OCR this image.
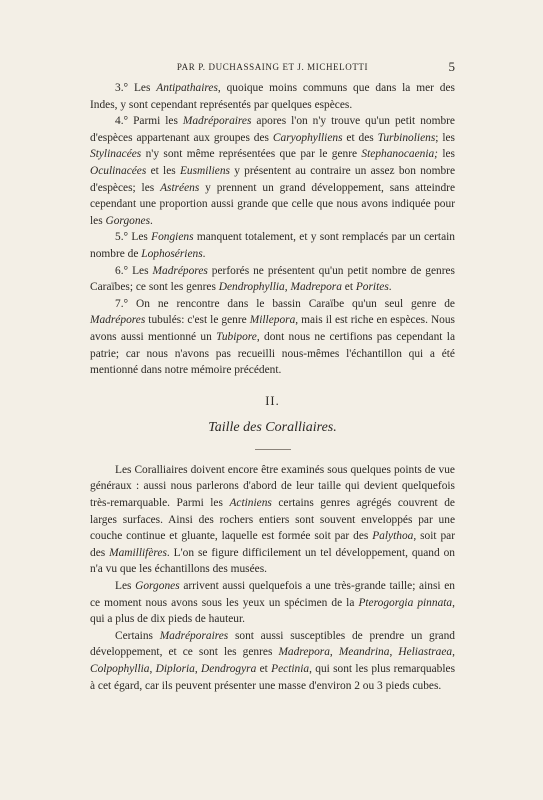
PAR P. DUCHASSAING ET J. MICHELOTTI	5

3.° Les Antipathaires, quoique moins communs que dans la mer des Indes, y sont cependant représentés par quelques espèces.

4.° Parmi les Madréporaires apores l'on n'y trouve qu'un petit nombre d'espèces appartenant aux groupes des Caryophylliens et des Turbinoliens; les Stylinacées n'y sont même représentées que par le genre Stephanocaenia; les Oculinacées et les Eusmiliens y présentent au contraire un assez bon nombre d'espèces; les Astréens y prennent un grand développement, sans atteindre cependant une proportion aussi grande que celle que nous avons indiquée pour les Gorgones.

5.° Les Fongiens manquent totalement, et y sont remplacés par un certain nombre de Lophosériens.

6.° Les Madrépores perforés ne présentent qu'un petit nombre de genres Caraïbes; ce sont les genres Dendrophyllia, Madrepora et Porites.

7.° On ne rencontre dans le bassin Caraïbe qu'un seul genre de Madrépores tubulés: c'est le genre Millepora, mais il est riche en espèces. Nous avons aussi mentionné un Tubipore, dont nous ne certifions pas cependant la patrie; car nous n'avons pas recueilli nous-mêmes l'échantillon qui a été mentionné dans notre mémoire précédent.

II.
Taille des Coralliaires.

Les Coralliaires doivent encore être examinés sous quelques points de vue généraux : aussi nous parlerons d'abord de leur taille qui devient quelquefois très-remarquable. Parmi les Actiniens certains genres agrégés couvrent de larges surfaces. Ainsi des rochers entiers sont souvent enveloppés par une couche continue et gluante, laquelle est formée soit par des Palythoa, soit par des Mamillifères. L'on se figure difficilement un tel développement, quand on n'a vu que les échantillons des musées.

Les Gorgones arrivent aussi quelquefois a une très-grande taille; ainsi en ce moment nous avons sous les yeux un spécimen de la Pterogorgia pinnata, qui a plus de dix pieds de hauteur.

Certains Madréporaires sont aussi susceptibles de prendre un grand développement, et ce sont les genres Madrepora, Meandrina, Heliastraea, Colpophyllia, Diploria, Dendrogyra et Pectinia, qui sont les plus remarquables à cet égard, car ils peuvent présenter une masse d'environ 2 ou 3 pieds cubes.
